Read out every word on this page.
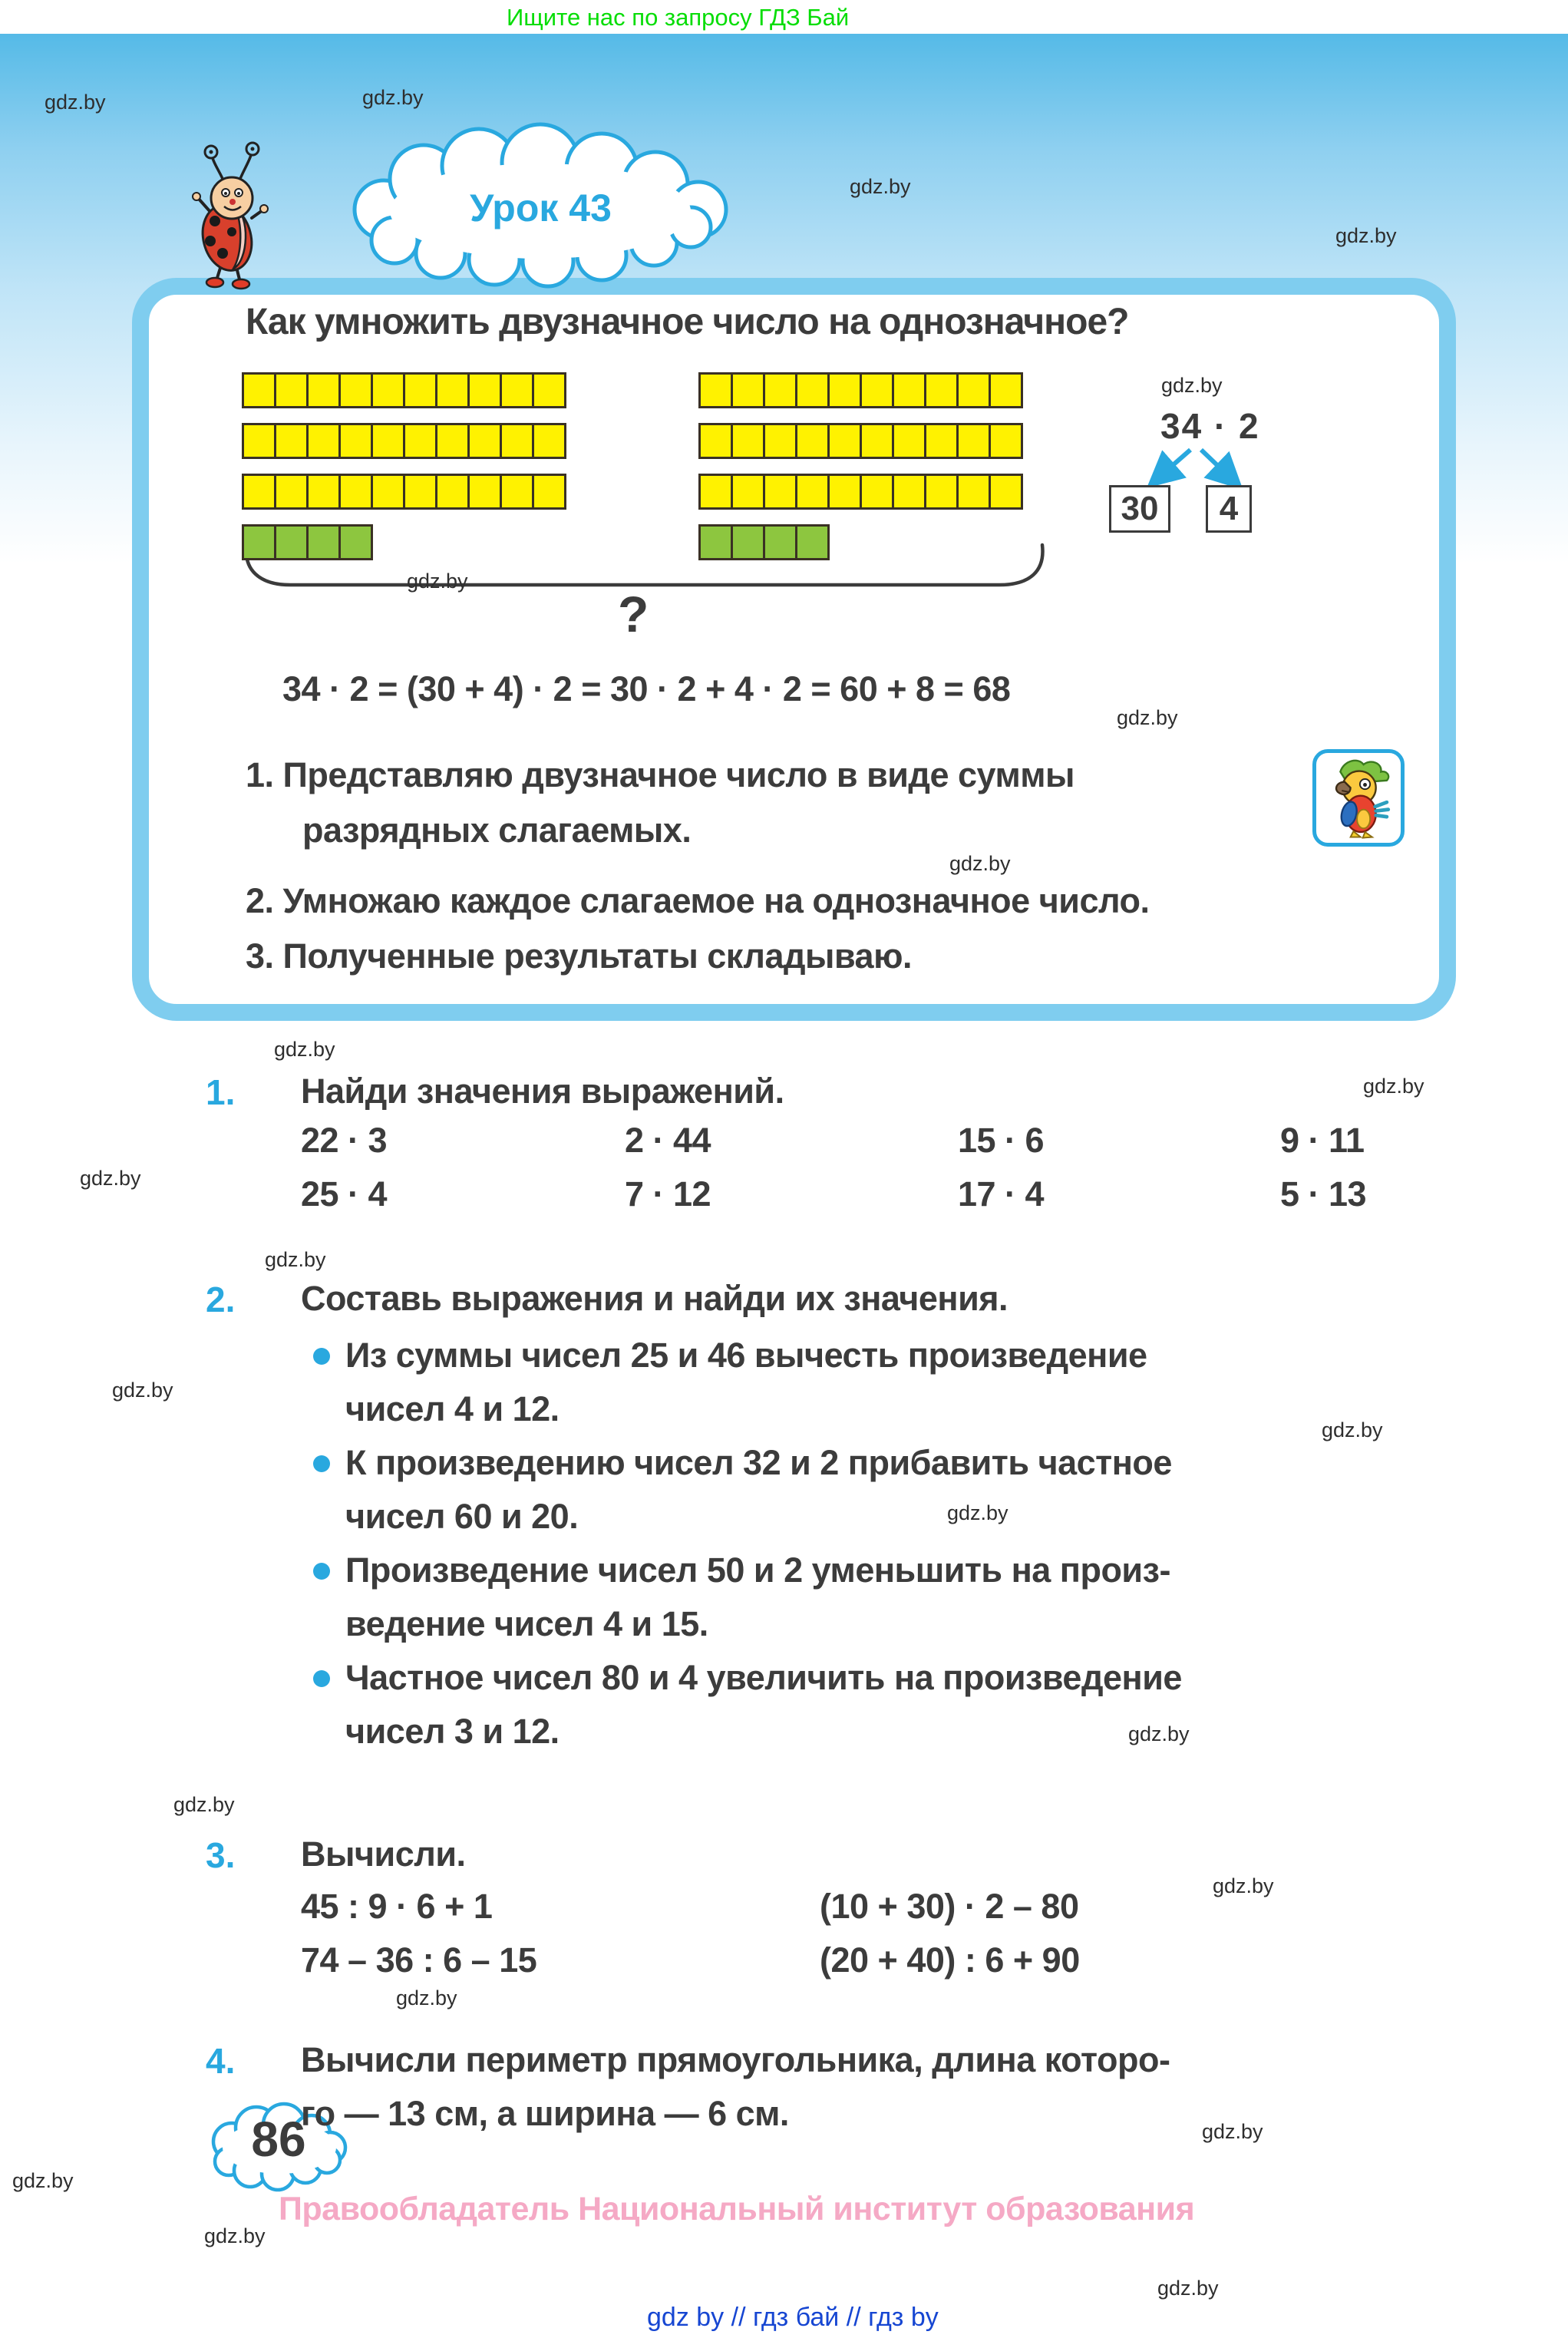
Ищите нас по запросу ГДЗ Бай
gdz.by
gdz.by
gdz.by
gdz.by
gdz.by
gdz.by
gdz.by
gdz.by
gdz.by
gdz.by
gdz.by
gdz.by
gdz.by
gdz.by
gdz.by
gdz.by
gdz.by
gdz.by
gdz.by
gdz.by
gdz.by
gdz.by
gdz.by
Урок 43
Как умножить двузначное число на однозначное?
34 · 2
30	4
?
34 · 2 = (30 + 4) · 2 = 30 · 2 + 4 · 2 = 60 + 8 = 68
1. Представляю двузначное число в виде суммы
разрядных слагаемых.
2. Умножаю каждое слагаемое на однозначное число.
3. Полученные результаты складываю.
1. Найди значения выражений.
22 · 3	2 · 44	15 · 6	9 · 11
25 · 4	7 · 12	17 · 4	5 · 13
2. Составь выражения и найди их значения.
Из суммы чисел 25 и 46 вычесть произведение
чисел 4 и 12.
К произведению чисел 32 и 2 прибавить частное
чисел 60 и 20.
Произведение чисел 50 и 2 уменьшить на произ-
ведение чисел 4 и 15.
Частное чисел 80 и 4 увеличить на произведение
чисел 3 и 12.
3. Вычисли.
45 : 9 · 6 + 1	(10 + 30) · 2 – 80
74 – 36 : 6 – 15	(20 + 40) : 6 + 90
4. Вычисли периметр прямоугольника, длина которо-
го — 13 см, а ширина — 6 см.
86
Правообладатель Национальный институт образования
gdz by // гдз бай // гдз by
